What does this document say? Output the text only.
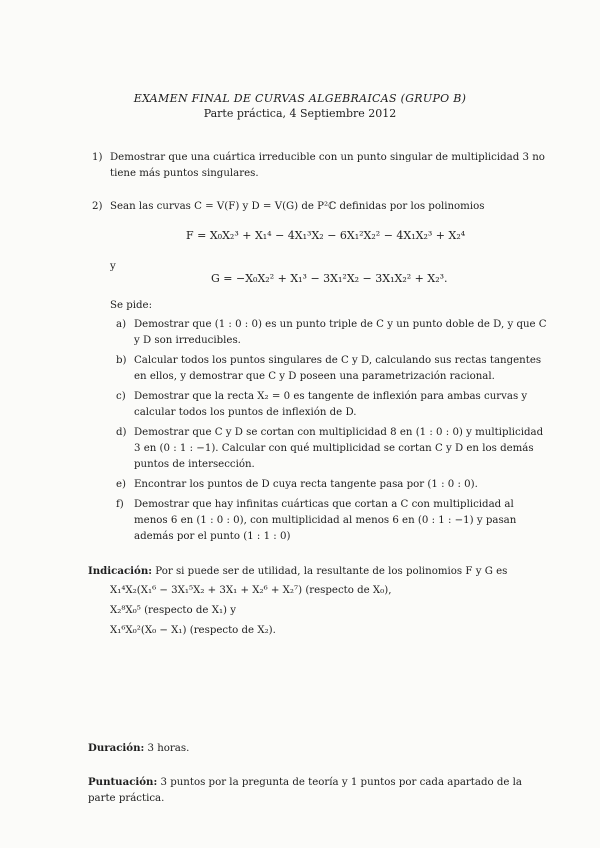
EXAMEN FINAL DE CURVAS ALGEBRAICAS (GRUPO B)
Parte práctica, 4 Septiembre 2012
1) Demostrar que una cuártica irreducible con un punto singular de multiplicidad 3 no tiene más puntos singulares.
2) Sean las curvas C = V(F) y D = V(G) de P²ℂ definidas por los polinomios
F = X₀X₂³ + X₁⁴ − 4X₁³X₂ − 6X₁²X₂² − 4X₁X₂³ + X₂⁴
y
G = −X₀X₂² + X₁³ − 3X₁²X₂ − 3X₁X₂² + X₂³.
Se pide:
a) Demostrar que (1 : 0 : 0) es un punto triple de C y un punto doble de D, y que C y D son irreducibles.
b) Calcular todos los puntos singulares de C y D, calculando sus rectas tangentes en ellos, y demostrar que C y D poseen una parametrización racional.
c) Demostrar que la recta X₂ = 0 es tangente de inflexión para ambas curvas y calcular todos los puntos de inflexión de D.
d) Demostrar que C y D se cortan con multiplicidad 8 en (1 : 0 : 0) y multiplicidad 3 en (0 : 1 : −1). Calcular con qué multiplicidad se cortan C y D en los demás puntos de intersección.
e) Encontrar los puntos de D cuya recta tangente pasa por (1 : 0 : 0).
f) Demostrar que hay infinitas cuárticas que cortan a C con multiplicidad al menos 6 en (1 : 0 : 0), con multiplicidad al menos 6 en (0 : 1 : −1) y pasan además por el punto (1 : 1 : 0)
Indicación: Por si puede ser de utilidad, la resultante de los polinomios F y G es
X₁⁴X₂(X₁⁶ − 3X₁⁵X₂ + 3X₁ + X₂⁶ + X₂⁷) (respecto de X₀),
X₂⁸X₀⁵ (respecto de X₁) y
X₁⁶X₀²(X₀ − X₁) (respecto de X₂).
Duración: 3 horas.
Puntuación: 3 puntos por la pregunta de teoría y 1 puntos por cada apartado de la parte práctica.
